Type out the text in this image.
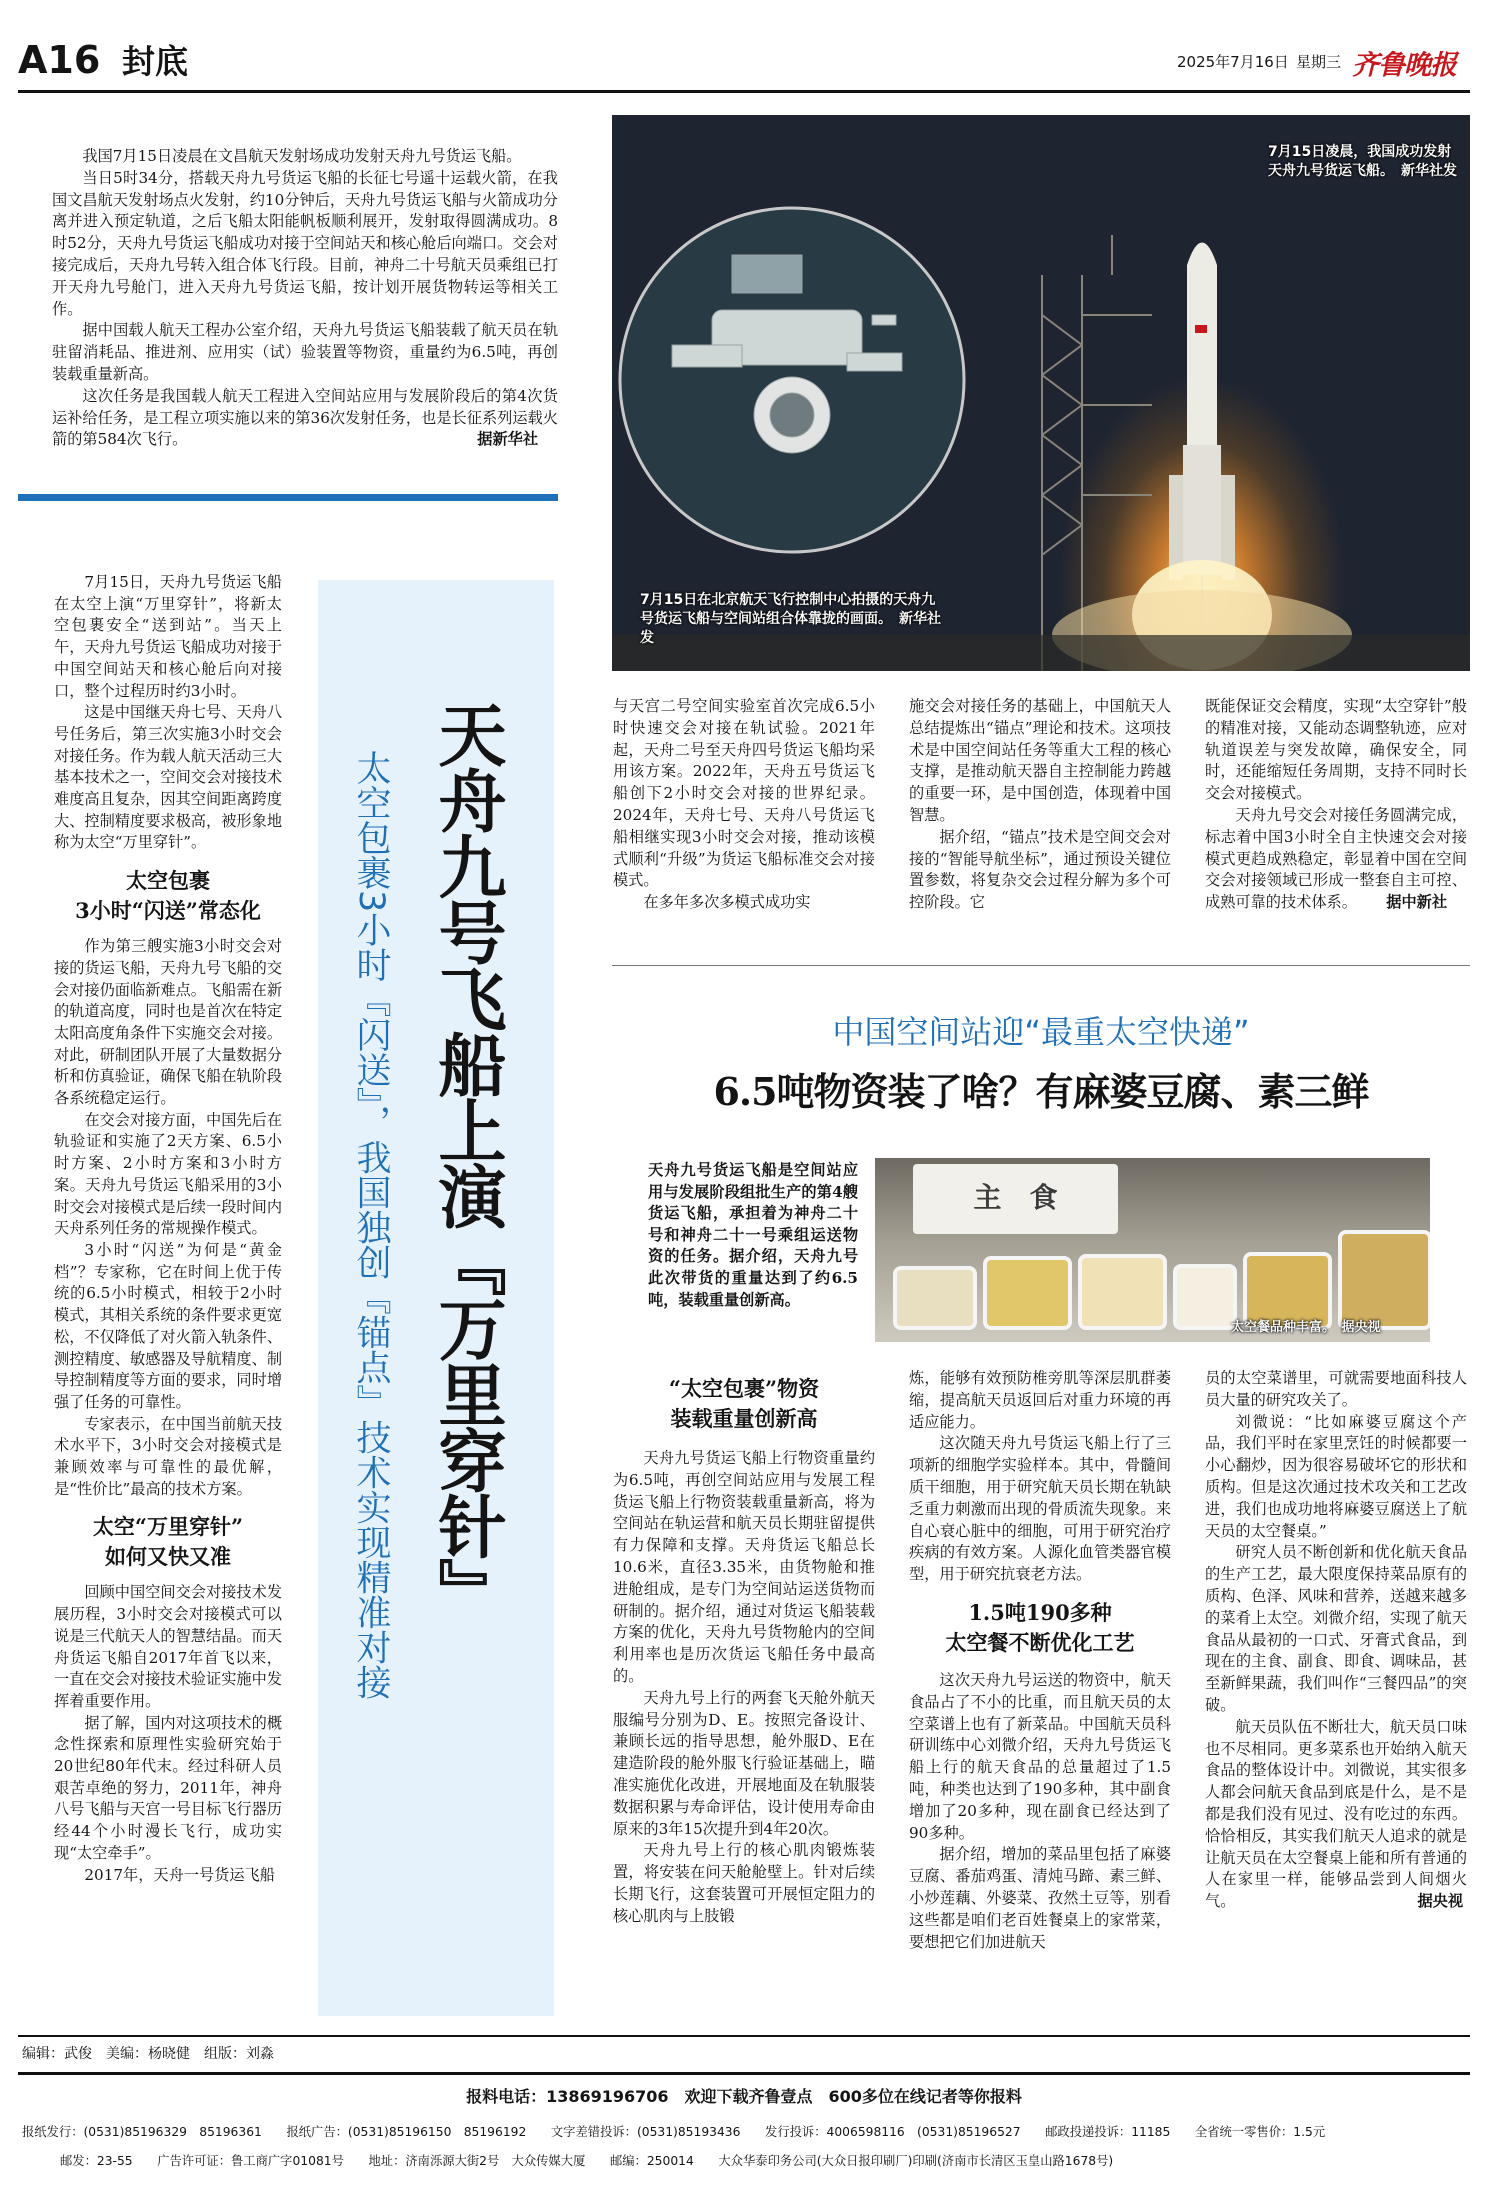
A16 封底	2025年7月16日 星期三 齐鲁晚报

我国7月15日凌晨在文昌航天发射场成功发射天舟九号货运飞船。

当日5时34分，搭载天舟九号货运飞船的长征七号遥十运载火箭，在我国文昌航天发射场点火发射，约10分钟后，天舟九号货运飞船与火箭成功分离并进入预定轨道，之后飞船太阳能帆板顺利展开，发射取得圆满成功。8时52分，天舟九号货运飞船成功对接于空间站天和核心舱后向端口。交会对接完成后，天舟九号转入组合体飞行段。目前，神舟二十号航天员乘组已打开天舟九号舱门，进入天舟九号货运飞船，按计划开展货物转运等相关工作。

据中国载人航天工程办公室介绍，天舟九号货运飞船装载了航天员在轨驻留消耗品、推进剂、应用实（试）验装置等物资，重量约为6.5吨，再创装载重量新高。

这次任务是我国载人航天工程进入空间站应用与发展阶段后的第4次货运补给任务，是工程立项实施以来的第36次发射任务，也是长征系列运载火箭的第584次飞行。	据新华社
7月15日凌晨，我国成功发射天舟九号货运飞船。　新华社发
7月15日在北京航天飞行控制中心拍摄的天舟九号货运飞船与空间站组合体靠拢的画面。　新华社发

7月15日，天舟九号货运飞船在太空上演“万里穿针”，将新太空包裹安全“送到站”。当天上午，天舟九号货运飞船成功对接于中国空间站天和核心舱后向对接口，整个过程历时约3小时。

这是中国继天舟七号、天舟八号任务后，第三次实施3小时交会对接任务。作为载人航天活动三大基本技术之一，空间交会对接技术难度高且复杂，因其空间距离跨度大、控制精度要求极高，被形象地称为太空“万里穿针”。

太空包裹
3小时“闪送”常态化

作为第三艘实施3小时交会对接的货运飞船，天舟九号飞船的交会对接仍面临新难点。飞船需在新的轨道高度，同时也是首次在特定太阳高度角条件下实施交会对接。对此，研制团队开展了大量数据分析和仿真验证，确保飞船在轨阶段各系统稳定运行。

在交会对接方面，中国先后在轨验证和实施了2天方案、6.5小时方案、2小时方案和3小时方案。天舟九号货运飞船采用的3小时交会对接模式是后续一段时间内天舟系列任务的常规操作模式。

3小时“闪送”为何是“黄金档”？专家称，它在时间上优于传统的6.5小时模式，相较于2小时模式，其相关系统的条件要求更宽松，不仅降低了对火箭入轨条件、测控精度、敏感器及导航精度、制导控制精度等方面的要求，同时增强了任务的可靠性。

专家表示，在中国当前航天技术水平下，3小时交会对接模式是兼顾效率与可靠性的最优解，是“性价比”最高的技术方案。

太空“万里穿针”
如何又快又准

回顾中国空间交会对接技术发展历程，3小时交会对接模式可以说是三代航天人的智慧结晶。而天舟货运飞船自2017年首飞以来，一直在交会对接技术验证实施中发挥着重要作用。

据了解，国内对这项技术的概念性探索和原理性实验研究始于20世纪80年代末。经过科研人员艰苦卓绝的努力，2011年，神舟八号飞船与天宫一号目标飞行器历经44个小时漫长飞行，成功实现“太空牵手”。

2017年，天舟一号货运飞船

天舟九号飞船上演『万里穿针』
太空包裹3小时『闪送』，我国独创『锚点』技术实现精准对接

与天宫二号空间实验室首次完成6.5小时快速交会对接在轨试验。2021年起，天舟二号至天舟四号货运飞船均采用该方案。2022年，天舟五号货运飞船创下2小时交会对接的世界纪录。2024年，天舟七号、天舟八号货运飞船相继实现3小时交会对接，推动该模式顺利“升级”为货运飞船标准交会对接模式。

在多年多次多模式成功实

施交会对接任务的基础上，中国航天人总结提炼出“锚点”理论和技术。这项技术是中国空间站任务等重大工程的核心支撑，是推动航天器自主控制能力跨越的重要一环，是中国创造，体现着中国智慧。

据介绍，“锚点”技术是空间交会对接的“智能导航坐标”，通过预设关键位置参数，将复杂交会过程分解为多个可控阶段。它

既能保证交会精度，实现“太空穿针”般的精准对接，又能动态调整轨迹，应对轨道误差与突发故障，确保安全，同时，还能缩短任务周期，支持不同时长交会对接模式。

天舟九号交会对接任务圆满完成，标志着中国3小时全自主快速交会对接模式更趋成熟稳定，彰显着中国在空间交会对接领域已形成一整套自主可控、成熟可靠的技术体系。	据中新社
中国空间站迎“最重太空快递”
6.5吨物资装了啥？有麻婆豆腐、素三鲜
天舟九号货运飞船是空间站应用与发展阶段组批生产的第4艘货运飞船，承担着为神舟二十号和神舟二十一号乘组运送物资的任务。据介绍，天舟九号此次带货的重量达到了约6.5吨，装载重量创新高。
主　食
太空餐品种丰富。　据央视
“太空包裹”物资
装载重量创新高

天舟九号货运飞船上行物资重量约为6.5吨，再创空间站应用与发展工程货运飞船上行物资装载重量新高，将为空间站在轨运营和航天员长期驻留提供有力保障和支撑。天舟货运飞船总长10.6米，直径3.35米，由货物舱和推进舱组成，是专门为空间站运送货物而研制的。据介绍，通过对货运飞船装载方案的优化，天舟九号货物舱内的空间利用率也是历次货运飞船任务中最高的。

天舟九号上行的两套飞天舱外航天服编号分别为D、E。按照完备设计、兼顾长远的指导思想，舱外服D、E在建造阶段的舱外服飞行验证基础上，瞄准实施优化改进，开展地面及在轨服装数据积累与寿命评估，设计使用寿命由原来的3年15次提升到4年20次。

天舟九号上行的核心肌肉锻炼装置，将安装在问天舱舱壁上。针对后续长期飞行，这套装置可开展恒定阻力的核心肌肉与上肢锻

炼，能够有效预防椎旁肌等深层肌群萎缩，提高航天员返回后对重力环境的再适应能力。

这次随天舟九号货运飞船上行了三项新的细胞学实验样本。其中，骨髓间质干细胞，用于研究航天员长期在轨缺乏重力刺激而出现的骨质流失现象。来自心衰心脏中的细胞，可用于研究治疗疾病的有效方案。人源化血管类器官模型，用于研究抗衰老方法。

1.5吨190多种
太空餐不断优化工艺

这次天舟九号运送的物资中，航天食品占了不小的比重，而且航天员的太空菜谱上也有了新菜品。中国航天员科研训练中心刘微介绍，天舟九号货运飞船上行的航天食品的总量超过了1.5吨，种类也达到了190多种，其中副食增加了20多种，现在副食已经达到了90多种。

据介绍，增加的菜品里包括了麻婆豆腐、番茄鸡蛋、清炖马蹄、素三鲜、小炒莲藕、外婆菜、孜然土豆等，别看这些都是咱们老百姓餐桌上的家常菜，要想把它们加进航天

员的太空菜谱里，可就需要地面科技人员大量的研究攻关了。

刘微说：“比如麻婆豆腐这个产品，我们平时在家里烹饪的时候都要一小心翻炒，因为很容易破坏它的形状和质构。但是这次通过技术攻关和工艺改进，我们也成功地将麻婆豆腐送上了航天员的太空餐桌。”

研究人员不断创新和优化航天食品的生产工艺，最大限度保持菜品原有的质构、色泽、风味和营养，送越来越多的菜肴上太空。刘微介绍，实现了航天食品从最初的一口式、牙膏式食品，到现在的主食、副食、即食、调味品，甚至新鲜果蔬，我们叫作“三餐四品”的突破。

航天员队伍不断壮大，航天员口味也不尽相同。更多菜系也开始纳入航天食品的整体设计中。刘微说，其实很多人都会问航天食品到底是什么，是不是都是我们没有见过、没有吃过的东西。恰恰相反，其实我们航天人追求的就是让航天员在太空餐桌上能和所有普通的人在家里一样，能够品尝到人间烟火气。	据央视
编辑：武俊　美编：杨晓健　组版：刘淼
报料电话：13869196706　欢迎下载齐鲁壹点　600多位在线记者等你报料
报纸发行：(0531)85196329　85196361　　报纸广告：(0531)85196150　85196192　　文字差错投诉：(0531)85193436　　发行投诉：4006598116　(0531)85196527　　邮政投递投诉：11185　　全省统一零售价：1.5元
邮发：23-55　　广告许可证：鲁工商广字01081号　　地址：济南泺源大街2号　大众传媒大厦　　邮编：250014　　大众华泰印务公司(大众日报印刷厂)印刷(济南市长清区玉皇山路1678号)
